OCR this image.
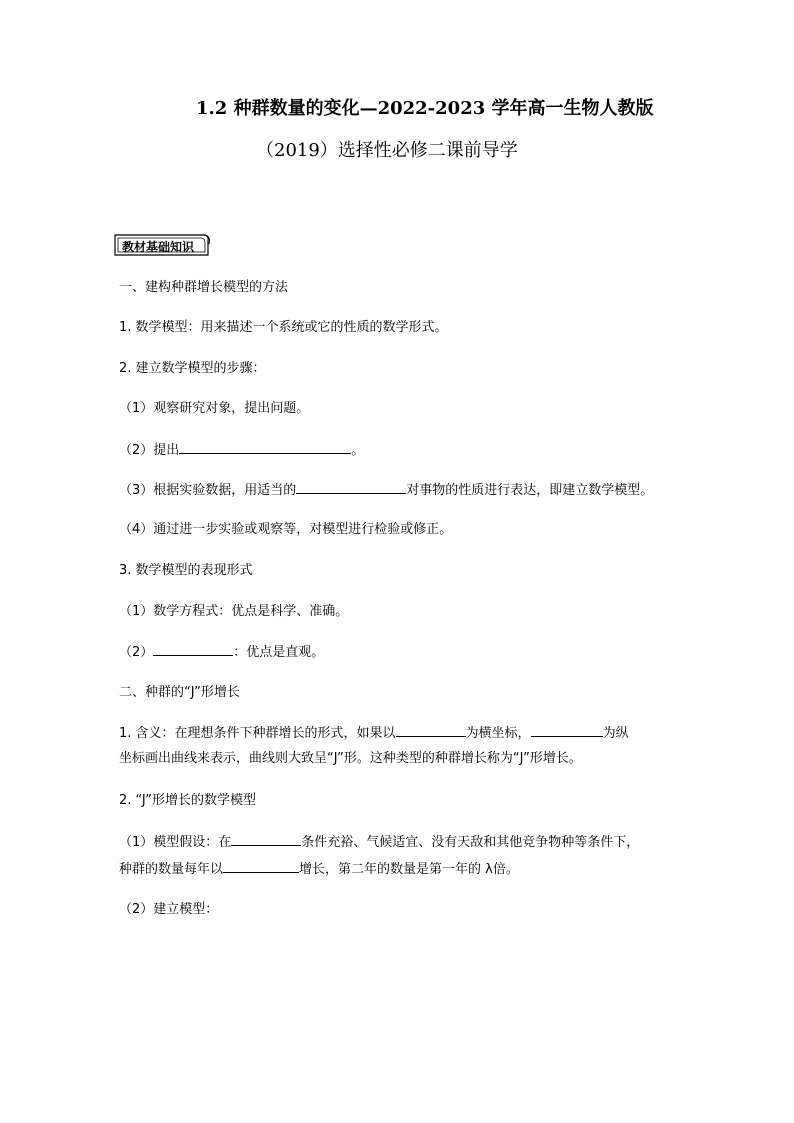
1.2 种群数量的变化—2022-2023 学年高一生物人教版
（2019）选择性必修二课前导学
教材基础知识
一、建构种群增长模型的方法
1. 数学模型：用来描述一个系统或它的性质的数学形式。
2. 建立数学模型的步骤：
（1）观察研究对象，提出问题。
（2）提出	。
（3）根据实验数据，用适当的	对事物的性质进行表达，即建立数学模型。
（4）通过进一步实验或观察等，对模型进行检验或修正。
3. 数学模型的表现形式
（1）数学方程式：优点是科学、准确。
（2）	：优点是直观。
二、种群的“J”形增长
1. 含义：在理想条件下种群增长的形式，如果以	为横坐标，	为纵
坐标画出曲线来表示，曲线则大致呈“J”形。这种类型的种群增长称为“J”形增长。
2. “J”形增长的数学模型
（1）模型假设：在	条件充裕、气候适宜、没有天敌和其他竞争物种等条件下，
种群的数量每年以	增长，第二年的数量是第一年的 λ倍。
（2）建立模型：
